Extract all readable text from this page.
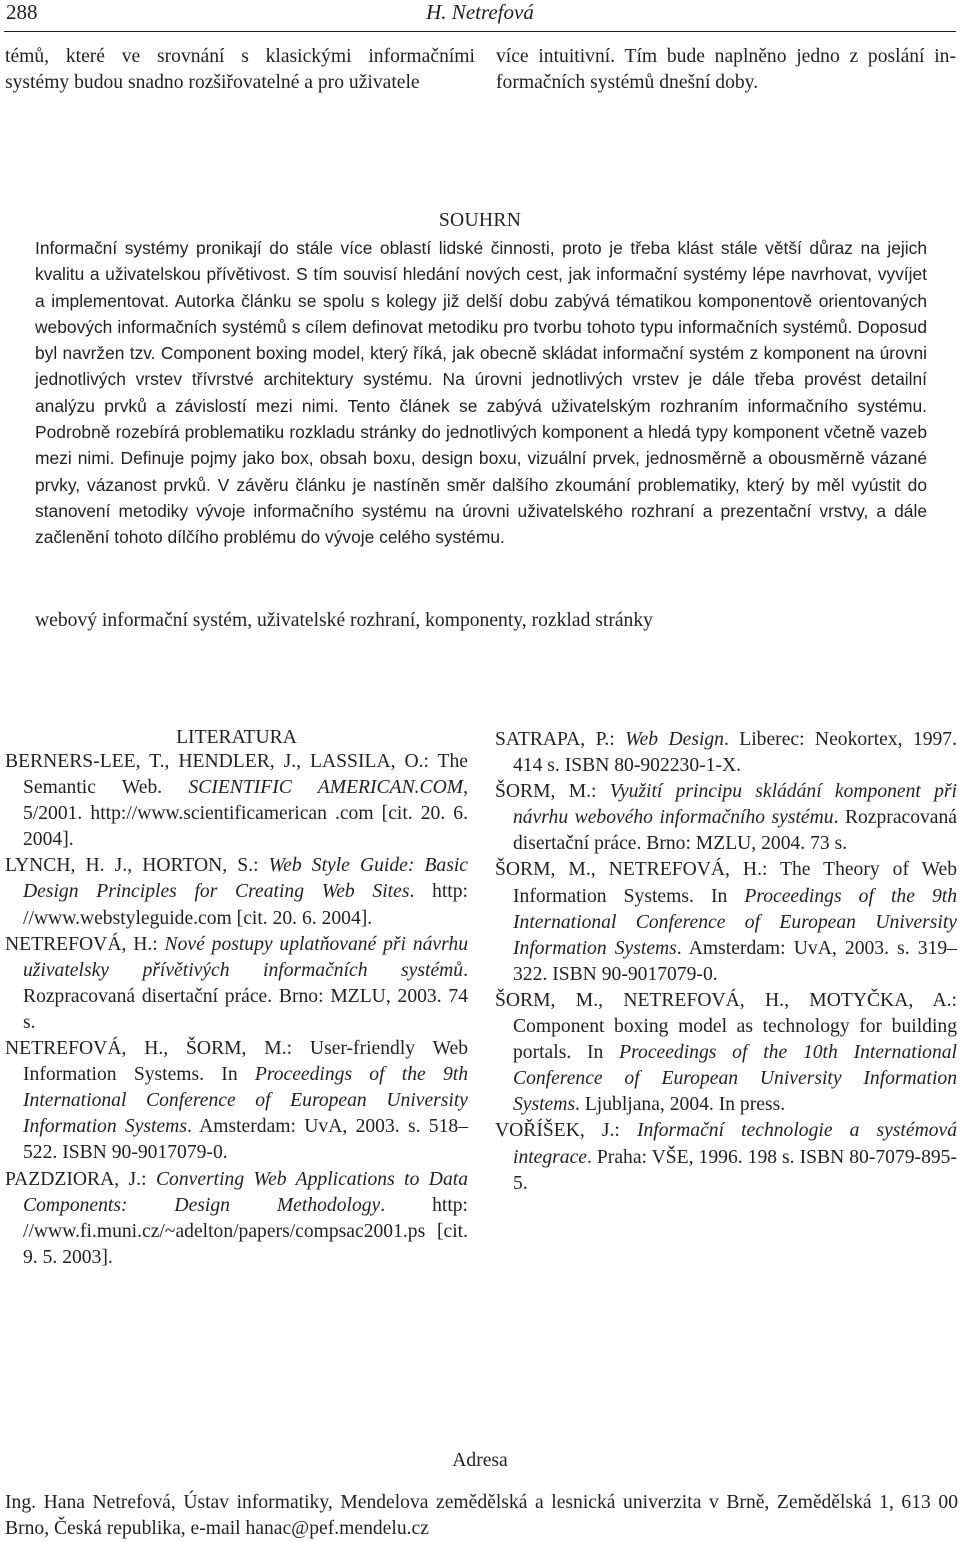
288	H. Netrefová

témů, které ve srovnání s klasickými informačními

systémy budou snadno rozšiřovatelné a pro uživatele

více intuitivní. Tím bude naplněno jedno z poslání in-

formačních systémů dnešní doby.

SOUHRN

Informační systémy pronikají do stále více oblastí lidské činnosti, proto je třeba klást stále větší důraz na jejich kvalitu a uživatelskou přívětivost. S tím souvisí hledání nových cest, jak informační systémy lépe navrhovat, vyvíjet a implementovat. Autorka článku se spolu s kolegy již delší dobu zabývá tématikou komponentově orientovaných webových informačních systémů s cílem definovat metodiku pro tvorbu tohoto typu informačních systémů. Doposud byl navržen tzv. Component boxing model, který říká, jak obecně skládat informační systém z komponent na úrovni jednotlivých vrstev třívrstvé architektury systému. Na úrovni jednotlivých vrstev je dále třeba provést detailní analýzu prvků a závislostí mezi nimi. Tento článek se zabývá uživatelským rozhraním informačního systému. Podrobně rozebírá problematiku rozkladu stránky do jednotlivých komponent a hledá typy komponent včetně vazeb mezi nimi. Definuje pojmy jako box, obsah boxu, design boxu, vizuální prvek, jednosměrně a obousměrně vázané prvky, vázanost prvků. V závěru článku je nastíněn směr dalšího zkoumání problematiky, který by měl vyústit do stanovení metodiky vývoje informačního systému na úrovni uživatelského rozhraní a prezentační vrstvy, a dále začlenění tohoto dílčího problému do vývoje celého systému.

webový informační systém, uživatelské rozhraní, komponenty, rozklad stránky
LITERATURA

BERNERS-LEE, T., HENDLER, J., LASSILA, O.: The Semantic Web. SCIENTIFIC AMERICAN.COM, 5/2001. http://www.scientificamerican .com [cit. 20. 6. 2004].

LYNCH, H. J., HORTON, S.: Web Style Guide: Basic Design Principles for Creating Web Sites. http: //www.webstyleguide.com [cit. 20. 6. 2004].

NETREFOVÁ, H.: Nové postupy uplatňované při návrhu uživatelsky přívětivých informačních systémů. Rozpracovaná disertační práce. Brno: MZLU, 2003. 74 s.

NETREFOVÁ, H., ŠORM, M.: User-friendly Web Information Systems. In Proceedings of the 9th International Conference of European University Information Systems. Amsterdam: UvA, 2003. s. 518–522. ISBN 90-9017079-0.

PAZDZIORA, J.: Converting Web Applications to Data Components: Design Methodology. http: //www.fi.muni.cz/~adelton/papers/compsac2001.ps [cit. 9. 5. 2003].

SATRAPA, P.: Web Design. Liberec: Neokortex, 1997. 414 s. ISBN 80-902230-1-X.

ŠORM, M.: Využití principu skládání komponent při návrhu webového informačního systému. Rozpracovaná disertační práce. Brno: MZLU, 2004. 73 s.

ŠORM, M., NETREFOVÁ, H.: The Theory of Web Information Systems. In Proceedings of the 9th International Conference of European University Information Systems. Amsterdam: UvA, 2003. s. 319–322. ISBN 90-9017079-0.

ŠORM, M., NETREFOVÁ, H., MOTYČKA, A.: Component boxing model as technology for building portals. In Proceedings of the 10th International Conference of European University Information Systems. Ljubljana, 2004. In press.

VOŘÍŠEK, J.: Informační technologie a systémová integrace. Praha: VŠE, 1996. 198 s. ISBN 80-7079-895-5.

Adresa

Ing. Hana Netrefová, Ústav informatiky, Mendelova zemědělská a lesnická univerzita v Brně, Zemědělská 1, 613 00 Brno, Česká republika, e-mail hanac@pef.mendelu.cz
